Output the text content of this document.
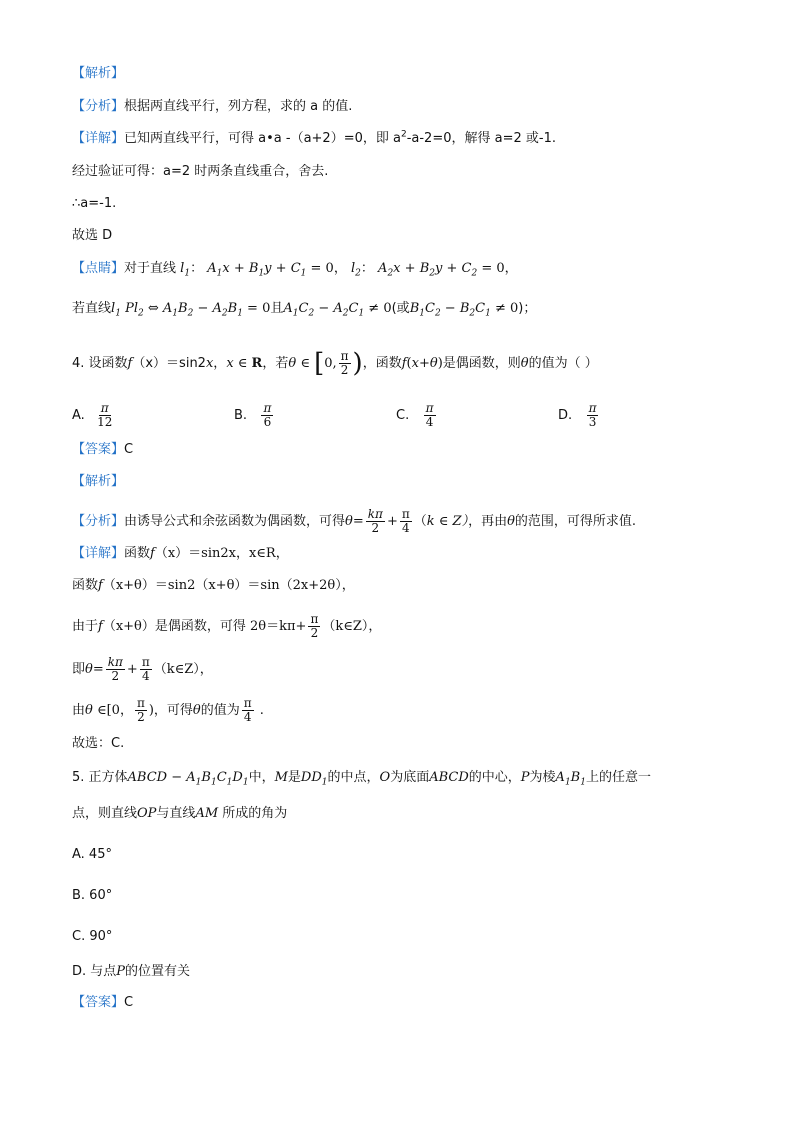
【解析】
【分析】根据两直线平行，列方程，求的 a 的值.
【详解】已知两直线平行，可得 a•a -（a+2）=0，即 $a^2-a-2=0$，解得 a=2 或-1.
经过验证可得：a=2 时两条直线重合，舍去.
∴a=-1.
故选 D
【点睛】对于直线 $l_1$： $A_1x + B_1y + C_1 = 0$， $l_2$： $A_2x + B_2y + C_2 = 0$，
若直线$l_1$ $Pl_2$ ⇔ $A_1B_2 - A_2B_1 = 0$且$A_1C_2 - A_2C_1 \ne 0$(或$B_1C_2 - B_2C_1 \ne 0$)；
4. 设函数f（x）＝sin2x，x ∈ R，若θ ∈ [0, $\frac{\pi}{2}$ )，函数f(x+θ)是偶函数，则θ的值为（ ）
A. $\frac{\pi}{12}$	B. $\frac{\pi}{6}$	C. $\frac{\pi}{4}$	D. $\frac{\pi}{3}$
【答案】C
【解析】
【分析】由诱导公式和余弦函数为偶函数，可得$\theta= \frac{k\pi}{2} + \frac{\pi}{4} (k$ ∈ Z），再由θ的范围，可得所求值.
【详解】函数f（x）＝sin2x，x∈R，
函数f（x+θ）＝sin2（x+θ）＝sin（2x+2θ），
由于f（x+θ）是偶函数，可得 $2\theta=k\pi+ \frac{\pi}{2}$ （k∈Z），
即$\theta= \frac{k\pi}{2} + \frac{\pi}{4}$ （k∈Z），
由θ ∈[0， $\frac{\pi}{2}$ )，可得θ的值为 $\frac{\pi}{4}$ .
故选：C.
5. 正方体ABCD − $A_1B_1C_1D_1$中，M是$DD_1$的中点，O为底面ABCD的中心，P为棱$A_1B_1$上的任意一
点，则直线OP与直线AM 所成的角为
A. 45°
B. 60°
C. 90°
D. 与点P的位置有关
【答案】C
